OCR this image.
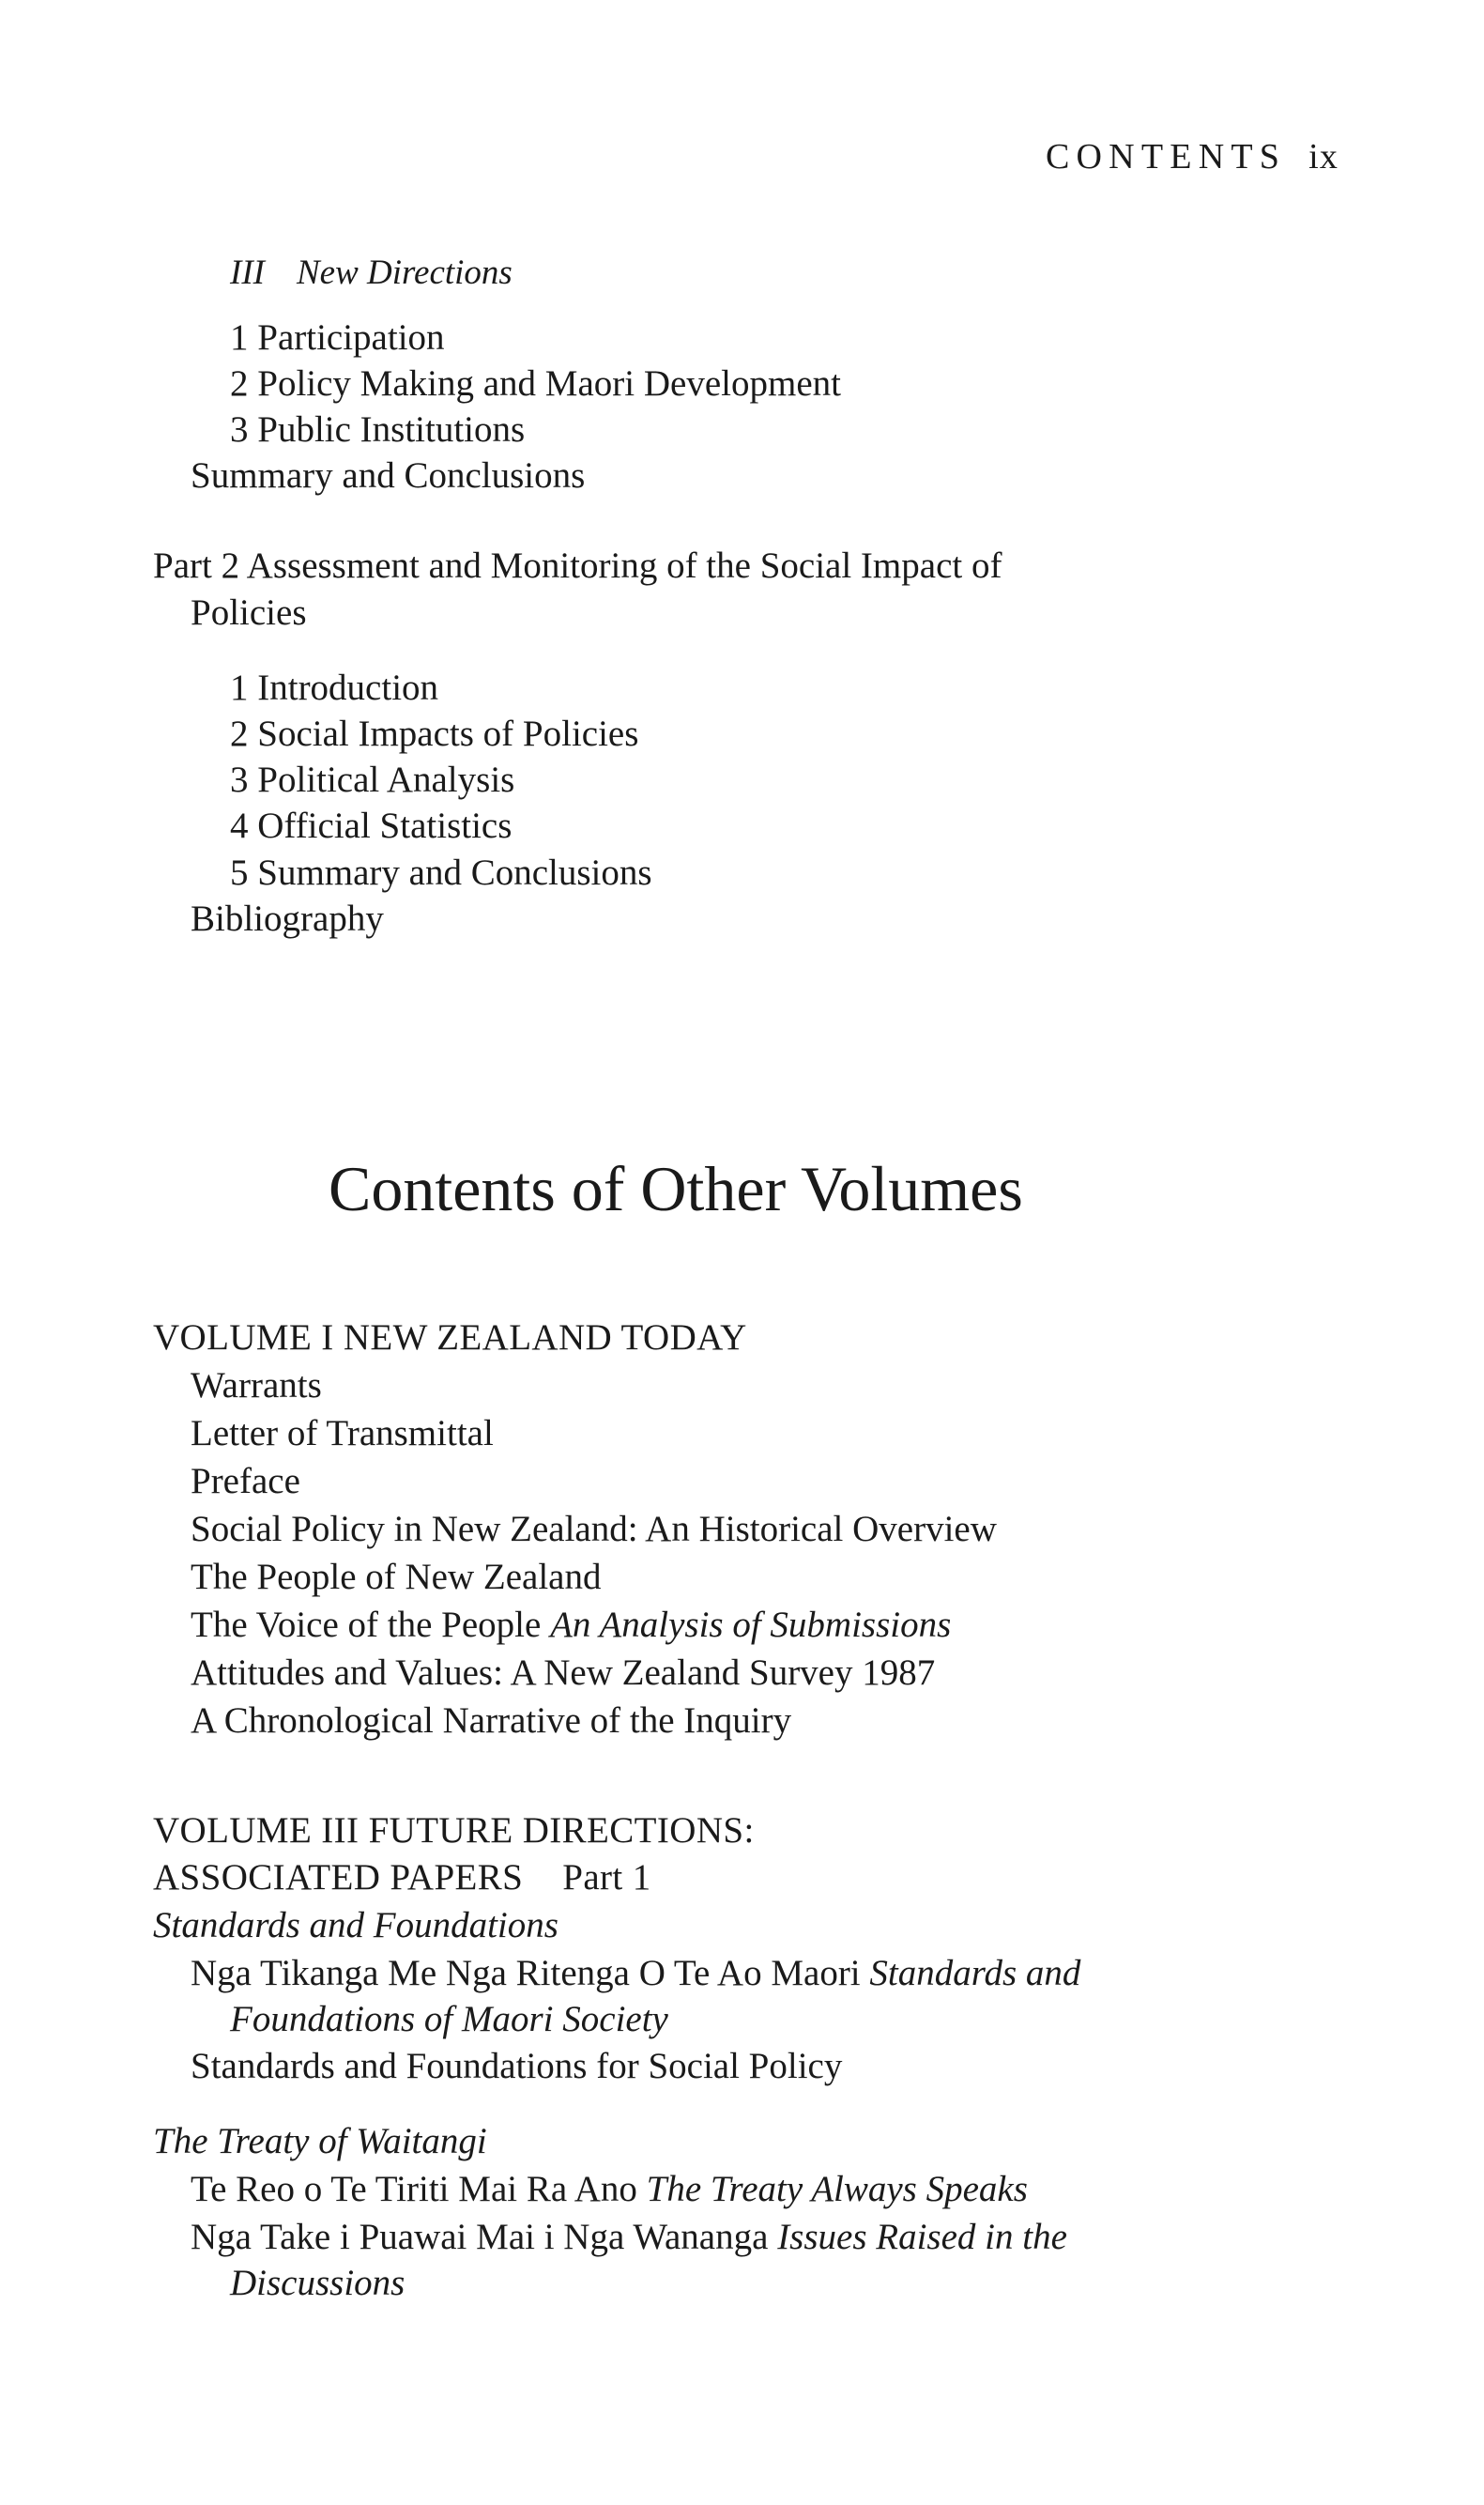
CONTENTS ix
III New Directions
1 Participation
2 Policy Making and Maori Development
3 Public Institutions
Summary and Conclusions
Part 2 Assessment and Monitoring of the Social Impact of
Policies
1 Introduction
2 Social Impacts of Policies
3 Political Analysis
4 Official Statistics
5 Summary and Conclusions
Bibliography
Contents of Other Volumes
VOLUME I NEW ZEALAND TODAY
Warrants
Letter of Transmittal
Preface
Social Policy in New Zealand: An Historical Overview
The People of New Zealand
The Voice of the People An Analysis of Submissions
Attitudes and Values: A New Zealand Survey 1987
A Chronological Narrative of the Inquiry
VOLUME III FUTURE DIRECTIONS:
ASSOCIATED PAPERS Part 1
Standards and Foundations
Nga Tikanga Me Nga Ritenga O Te Ao Maori Standards and
Foundations of Maori Society
Standards and Foundations for Social Policy
The Treaty of Waitangi
Te Reo o Te Tiriti Mai Ra Ano The Treaty Always Speaks
Nga Take i Puawai Mai i Nga Wananga Issues Raised in the
Discussions
